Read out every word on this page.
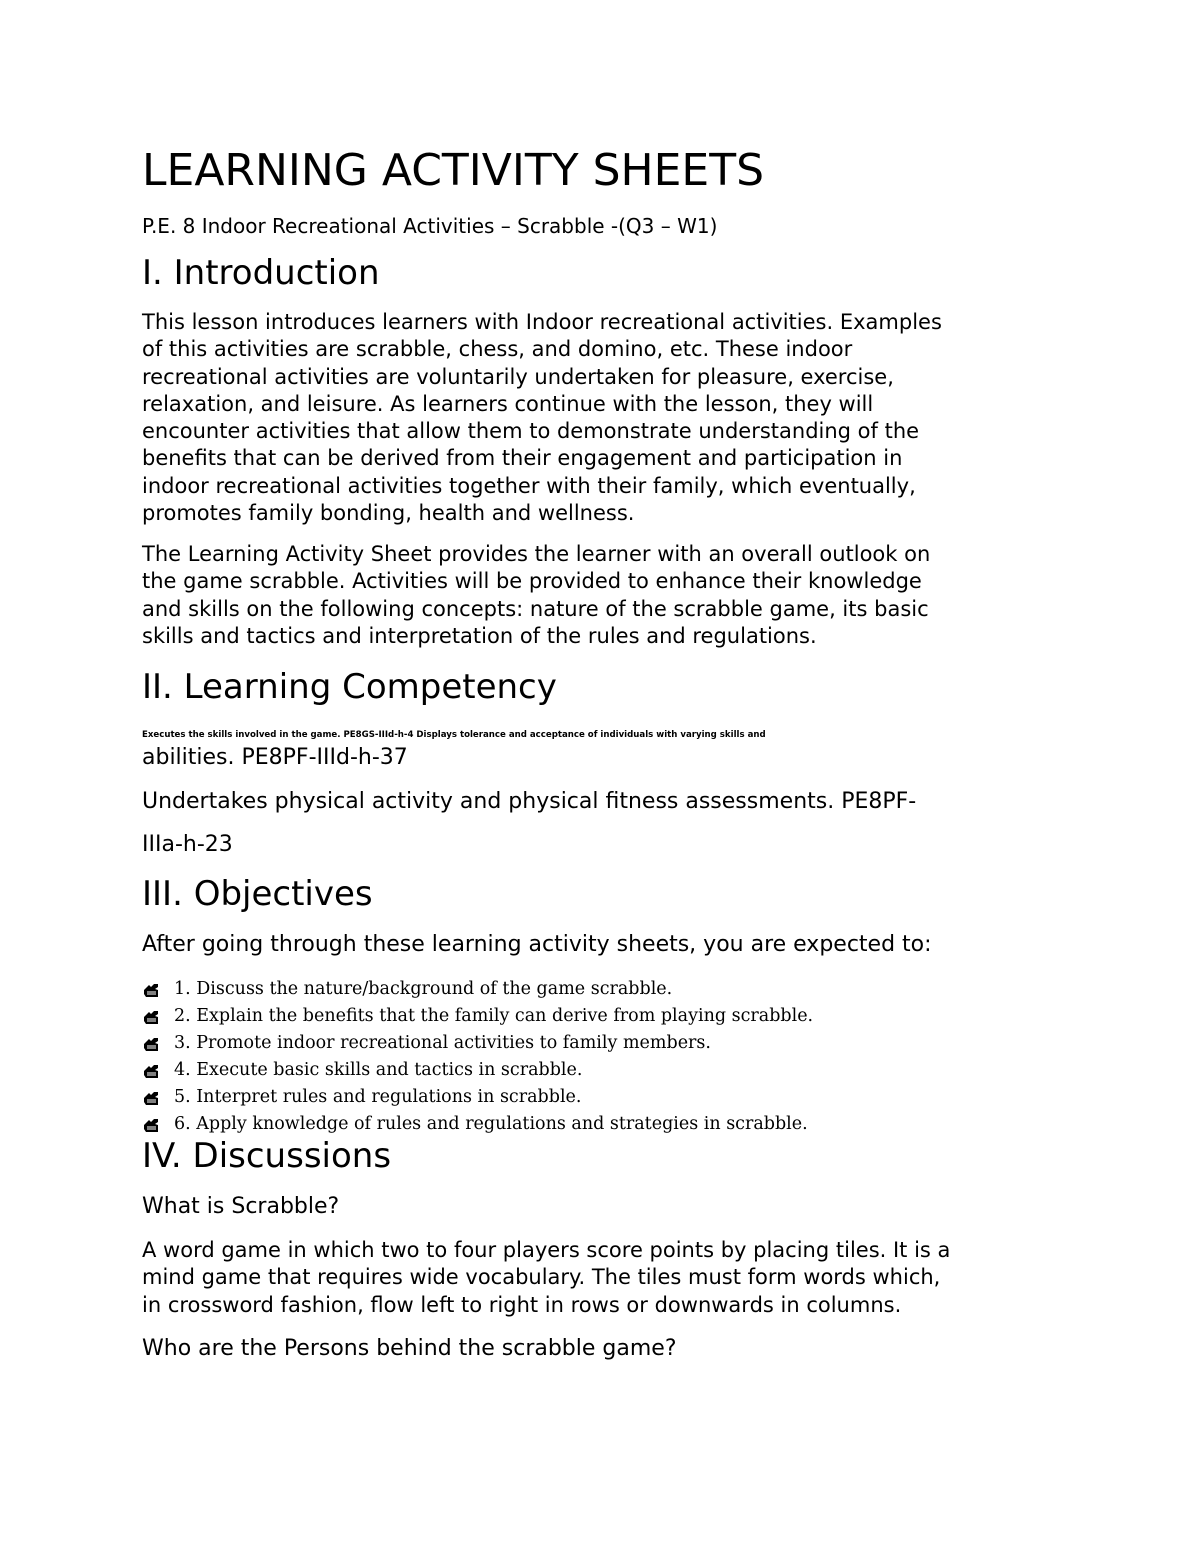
LEARNING ACTIVITY SHEETS
P.E. 8 Indoor Recreational Activities – Scrabble -(Q3 – W1)
I. Introduction

This lesson introduces learners with Indoor recreational activities. Examples
of this activities are scrabble, chess, and domino, etc. These indoor
recreational activities are voluntarily undertaken for pleasure, exercise,
relaxation, and leisure. As learners continue with the lesson, they will
encounter activities that allow them to demonstrate understanding of the
benefits that can be derived from their engagement and participation in
indoor recreational activities together with their family, which eventually,
promotes family bonding, health and wellness.

The Learning Activity Sheet provides the learner with an overall outlook on
the game scrabble. Activities will be provided to enhance their knowledge
and skills on the following concepts: nature of the scrabble game, its basic
skills and tactics and interpretation of the rules and regulations.

II. Learning Competency
Executes the skills involved in the game. PE8GS-IIId-h-4 Displays tolerance and acceptance of individuals with varying skills and
abilities. PE8PF-IIId-h-37
Undertakes physical activity and physical fitness assessments. PE8PF-
IIIa-h-23
III. Objectives
After going through these learning activity sheets, you are expected to:
1. Discuss the nature/background of the game scrabble.
2. Explain the benefits that the family can derive from playing scrabble.
3. Promote indoor recreational activities to family members.
4. Execute basic skills and tactics in scrabble.
5. Interpret rules and regulations in scrabble.
6. Apply knowledge of rules and regulations and strategies in scrabble.
IV. Discussions
What is Scrabble?

A word game in which two to four players score points by placing tiles. It is a
mind game that requires wide vocabulary. The tiles must form words which,
in crossword fashion, flow left to right in rows or downwards in columns.

Who are the Persons behind the scrabble game?
